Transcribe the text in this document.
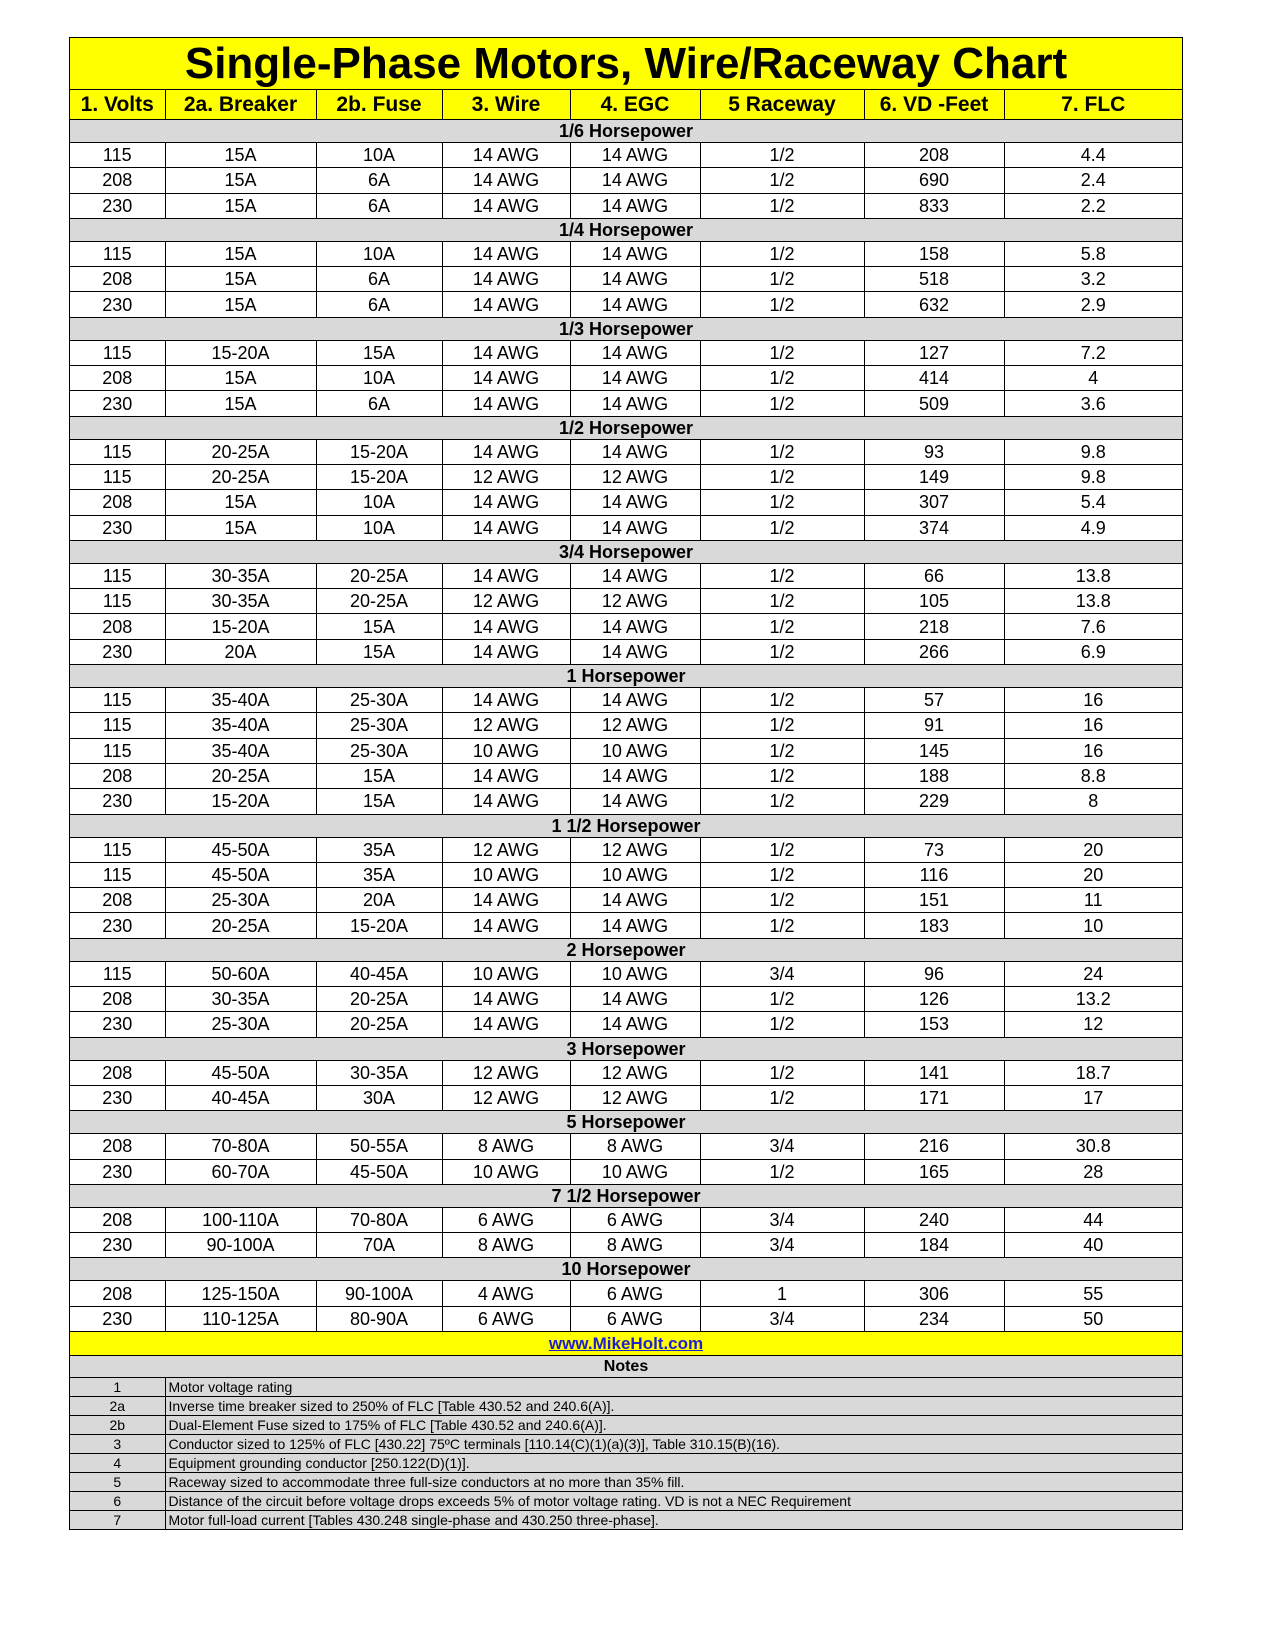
Single-Phase Motors, Wire/Raceway Chart
1. Volts	2a. Breaker	2b. Fuse	3. Wire	4. EGC	5 Raceway	6. VD -Feet	7. FLC
1/6 Horsepower							
115	15A	10A	14 AWG	14 AWG	1/2	208	4.4
208	15A	6A	14 AWG	14 AWG	1/2	690	2.4
230	15A	6A	14 AWG	14 AWG	1/2	833	2.2
1/4 Horsepower							
115	15A	10A	14 AWG	14 AWG	1/2	158	5.8
208	15A	6A	14 AWG	14 AWG	1/2	518	3.2
230	15A	6A	14 AWG	14 AWG	1/2	632	2.9
1/3 Horsepower							
115	15-20A	15A	14 AWG	14 AWG	1/2	127	7.2
208	15A	10A	14 AWG	14 AWG	1/2	414	4
230	15A	6A	14 AWG	14 AWG	1/2	509	3.6
1/2 Horsepower							
115	20-25A	15-20A	14 AWG	14 AWG	1/2	93	9.8
115	20-25A	15-20A	12 AWG	12 AWG	1/2	149	9.8
208	15A	10A	14 AWG	14 AWG	1/2	307	5.4
230	15A	10A	14 AWG	14 AWG	1/2	374	4.9
3/4 Horsepower							
115	30-35A	20-25A	14 AWG	14 AWG	1/2	66	13.8
115	30-35A	20-25A	12 AWG	12 AWG	1/2	105	13.8
208	15-20A	15A	14 AWG	14 AWG	1/2	218	7.6
230	20A	15A	14 AWG	14 AWG	1/2	266	6.9
1 Horsepower							
115	35-40A	25-30A	14 AWG	14 AWG	1/2	57	16
115	35-40A	25-30A	12 AWG	12 AWG	1/2	91	16
115	35-40A	25-30A	10 AWG	10 AWG	1/2	145	16
208	20-25A	15A	14 AWG	14 AWG	1/2	188	8.8
230	15-20A	15A	14 AWG	14 AWG	1/2	229	8
1 1/2 Horsepower							
115	45-50A	35A	12 AWG	12 AWG	1/2	73	20
115	45-50A	35A	10 AWG	10 AWG	1/2	116	20
208	25-30A	20A	14 AWG	14 AWG	1/2	151	11
230	20-25A	15-20A	14 AWG	14 AWG	1/2	183	10
2 Horsepower							
115	50-60A	40-45A	10 AWG	10 AWG	3/4	96	24
208	30-35A	20-25A	14 AWG	14 AWG	1/2	126	13.2
230	25-30A	20-25A	14 AWG	14 AWG	1/2	153	12
3 Horsepower							
208	45-50A	30-35A	12 AWG	12 AWG	1/2	141	18.7
230	40-45A	30A	12 AWG	12 AWG	1/2	171	17
5 Horsepower							
208	70-80A	50-55A	8 AWG	8 AWG	3/4	216	30.8
230	60-70A	45-50A	10 AWG	10 AWG	1/2	165	28
7 1/2 Horsepower							
208	100-110A	70-80A	6 AWG	6 AWG	3/4	240	44
230	90-100A	70A	8 AWG	8 AWG	3/4	184	40
10 Horsepower							
208	125-150A	90-100A	4 AWG	6 AWG	1	306	55
230	110-125A	80-90A	6 AWG	6 AWG	3/4	234	50
www.MikeHolt.com							
Notes							
1	Motor voltage rating
2a	Inverse time breaker sized to 250% of FLC [Table 430.52 and 240.6(A)].
2b	Dual-Element Fuse sized to 175% of FLC [Table 430.52 and 240.6(A)].
3	Conductor sized to 125% of FLC [430.22] 75ºC terminals [110.14(C)(1)(a)(3)], Table 310.15(B)(16).
4	Equipment grounding conductor [250.122(D)(1)].
5	Raceway sized to accommodate three full-size conductors at no more than 35% fill.
6	Distance of the circuit before voltage drops exceeds 5% of motor voltage rating. VD is not a NEC Requirement
7	Motor full-load current [Tables 430.248 single-phase and 430.250 three-phase].
